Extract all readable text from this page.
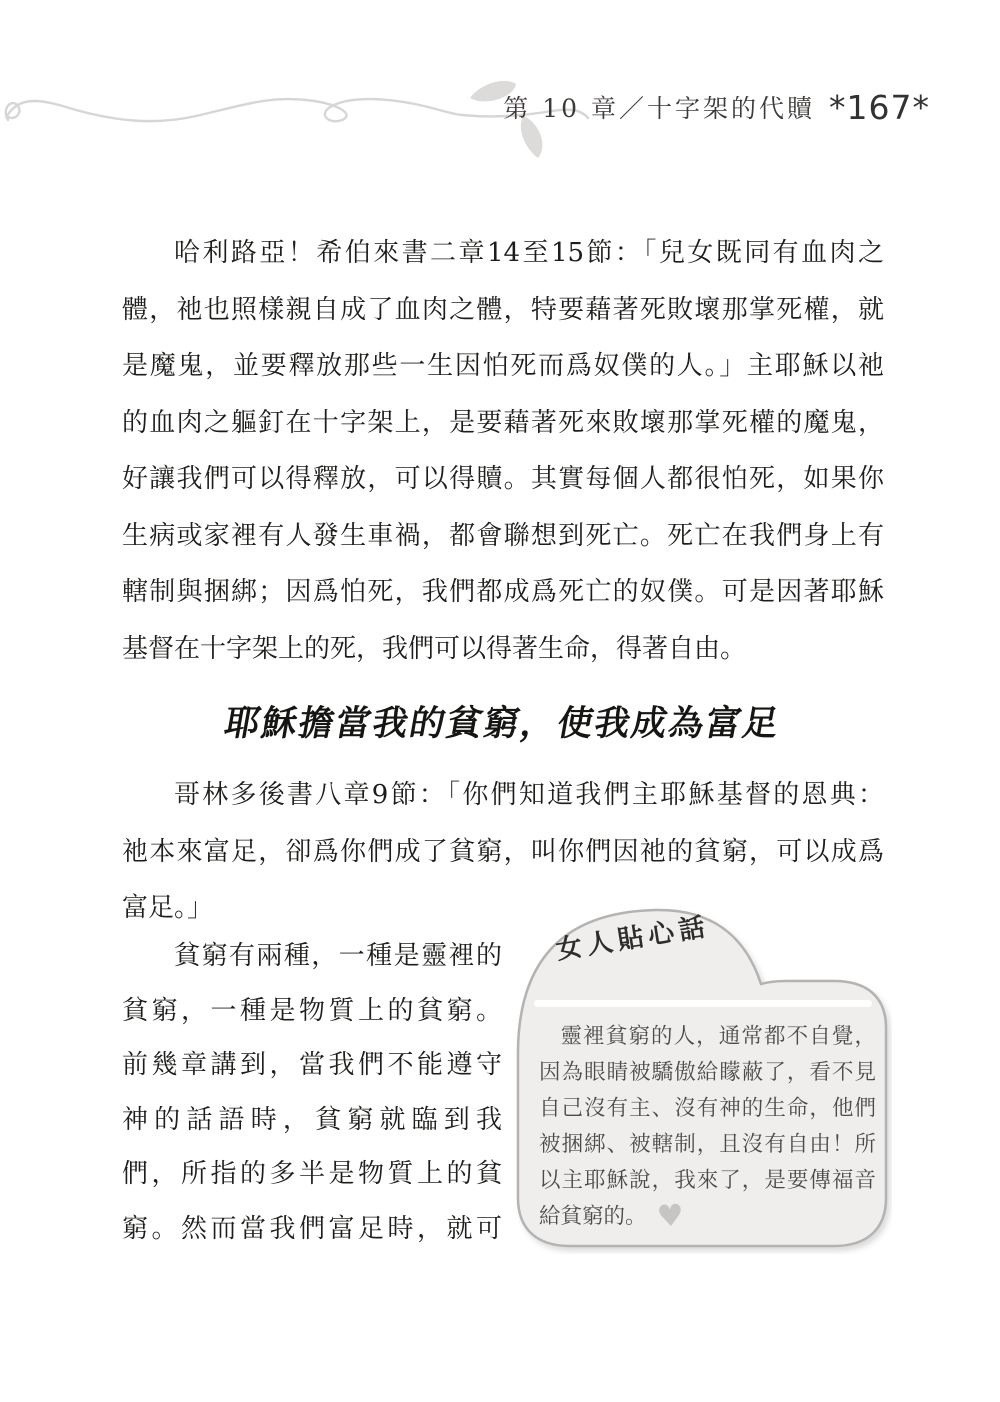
第 10 章／十字架的代贖 *167*
哈利路亞！希伯來書二章14至15節：「兒女既同有血肉之
體，祂也照樣親自成了血肉之體，特要藉著死敗壞那掌死權，就
是魔鬼，並要釋放那些一生因怕死而爲奴僕的人。」主耶穌以祂
的血肉之軀釘在十字架上，是要藉著死來敗壞那掌死權的魔鬼，
好讓我們可以得釋放，可以得贖。其實每個人都很怕死，如果你
生病或家裡有人發生車禍，都會聯想到死亡。死亡在我們身上有
轄制與捆綁；因爲怕死，我們都成爲死亡的奴僕。可是因著耶穌
基督在十字架上的死，我們可以得著生命，得著自由。
耶穌擔當我的貧窮，使我成為富足
哥林多後書八章9節：「你們知道我們主耶穌基督的恩典：
祂本來富足，卻爲你們成了貧窮，叫你們因祂的貧窮，可以成爲
富足。」
貧窮有兩種，一種是靈裡的
貧窮，一種是物質上的貧窮。
前幾章講到，當我們不能遵守
神的話語時，貧窮就臨到我
們，所指的多半是物質上的貧
窮。然而當我們富足時，就可
女人貼心話
靈裡貧窮的人，通常都不自覺，
因為眼睛被驕傲給矇蔽了，看不見
自己沒有主、沒有神的生命，他們
被捆綁、被轄制，且沒有自由！所
以主耶穌說，我來了，是要傳福音
給貧窮的。 ♥
